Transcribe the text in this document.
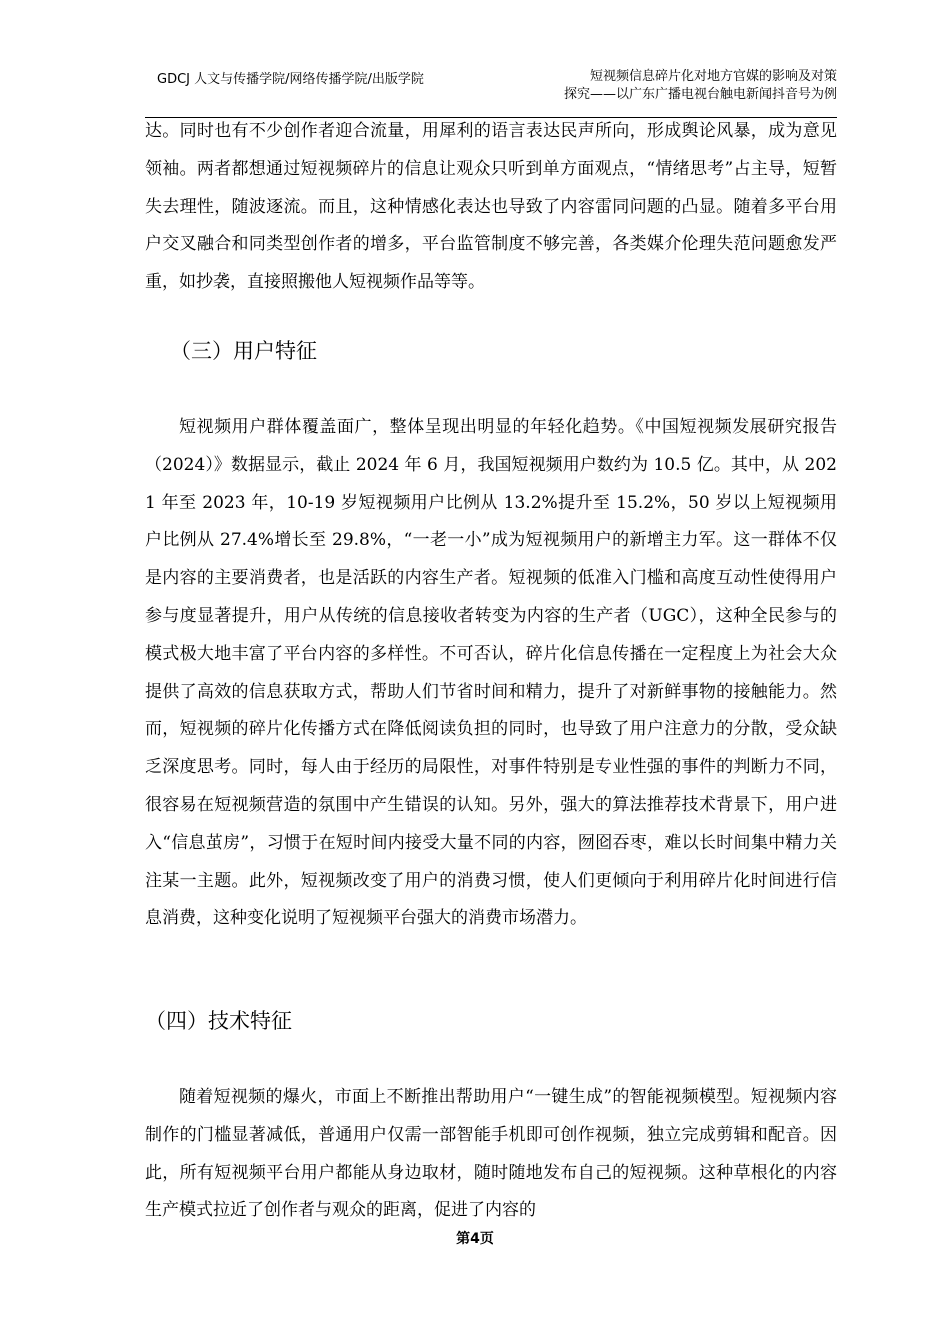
GDCJ 人文与传播学院/网络传播学院/出版学院	短视频信息碎片化对地方官媒的影响及对策
探究——以广东广播电视台触电新闻抖音号为例
达。同时也有不少创作者迎合流量，用犀利的语言表达民声所向，形成舆论风暴，成为意见领袖。两者都想通过短视频碎片的信息让观众只听到单方面观点，“情绪思考”占主导，短暂失去理性，随波逐流。而且，这种情感化表达也导致了内容雷同问题的凸显。随着多平台用户交叉融合和同类型创作者的增多，平台监管制度不够完善，各类媒介伦理失范问题愈发严重，如抄袭，直接照搬他人短视频作品等等。
（三）用户特征
短视频用户群体覆盖面广，整体呈现出明显的年轻化趋势。《中国短视频发展研究报告（2024）》数据显示，截止 2024 年 6 月，我国短视频用户数约为 10.5 亿。其中，从 2021 年至 2023 年，10-19 岁短视频用户比例从 13.2%提升至 15.2%，50 岁以上短视频用户比例从 27.4%增长至 29.8%，“一老一小”成为短视频用户的新增主力军。这一群体不仅是内容的主要消费者，也是活跃的内容生产者。短视频的低准入门槛和高度互动性使得用户参与度显著提升，用户从传统的信息接收者转变为内容的生产者（UGC），这种全民参与的模式极大地丰富了平台内容的多样性。不可否认，碎片化信息传播在一定程度上为社会大众提供了高效的信息获取方式，帮助人们节省时间和精力，提升了对新鲜事物的接触能力。然而，短视频的碎片化传播方式在降低阅读负担的同时，也导致了用户注意力的分散，受众缺乏深度思考。同时，每人由于经历的局限性，对事件特别是专业性强的事件的判断力不同，很容易在短视频营造的氛围中产生错误的认知。另外，强大的算法推荐技术背景下，用户进入“信息茧房”，习惯于在短时间内接受大量不同的内容，囫囵吞枣，难以长时间集中精力关注某一主题。此外，短视频改变了用户的消费习惯，使人们更倾向于利用碎片化时间进行信息消费，这种变化说明了短视频平台强大的消费市场潜力。
（四）技术特征
随着短视频的爆火，市面上不断推出帮助用户“一键生成”的智能视频模型。短视频内容制作的门槛显著减低，普通用户仅需一部智能手机即可创作视频，独立完成剪辑和配音。因此，所有短视频平台用户都能从身边取材，随时随地发布自己的短视频。这种草根化的内容生产模式拉近了创作者与观众的距离，促进了内容的
第4页
